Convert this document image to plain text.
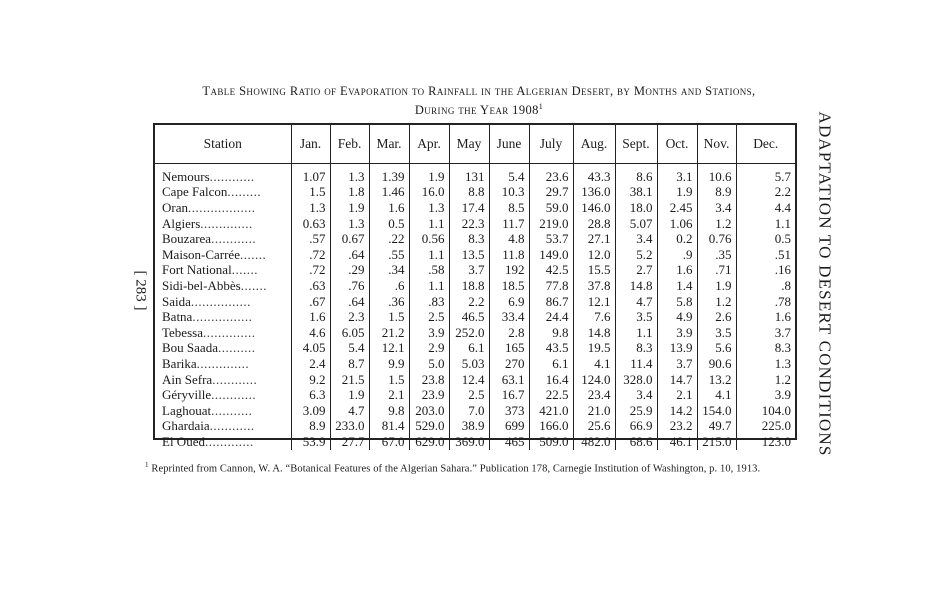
Table Showing Ratio of Evaporation to Rainfall in the Algerian Desert, by Months and Stations,
During the Year 1908$^1$
Station	Jan.	Feb.	Mar.	Apr.	May	June	July	Aug.	Sept.	Oct.	Nov.	Dec.
Nemours............	1.07	1.3	1.39	1.9	131	5.4	23.6	43.3	8.6	3.1	10.6	5.7
Cape Falcon.........	1.5	1.8	1.46	16.0	8.8	10.3	29.7	136.0	38.1	1.9	8.9	2.2
Oran..................	1.3	1.9	1.6	1.3	17.4	8.5	59.0	146.0	18.0	2.45	3.4	4.4
Algiers..............	0.63	1.3	0.5	1.1	22.3	11.7	219.0	28.8	5.07	1.06	1.2	1.1
Bouzarea............	.57	0.67	.22	0.56	8.3	4.8	53.7	27.1	3.4	0.2	0.76	0.5
Maison-Carrée.......	.72	.64	.55	1.1	13.5	11.8	149.0	12.0	5.2	.9	.35	.51
Fort National.......	.72	.29	.34	.58	3.7	192	42.5	15.5	2.7	1.6	.71	.16
Sidi-bel-Abbès.......	.63	.76	.6	1.1	18.8	18.5	77.8	37.8	14.8	1.4	1.9	.8
Saida................	.67	.64	.36	.83	2.2	6.9	86.7	12.1	4.7	5.8	1.2	.78
Batna................	1.6	2.3	1.5	2.5	46.5	33.4	24.4	7.6	3.5	4.9	2.6	1.6
Tebessa..............	4.6	6.05	21.2	3.9	252.0	2.8	9.8	14.8	1.1	3.9	3.5	3.7
Bou Saada..........	4.05	5.4	12.1	2.9	6.1	165	43.5	19.5	8.3	13.9	5.6	8.3
Barika..............	2.4	8.7	9.9	5.0	5.03	270	6.1	4.1	11.4	3.7	90.6	1.3
Ain Sefra............	9.2	21.5	1.5	23.8	12.4	63.1	16.4	124.0	328.0	14.7	13.2	1.2
Géryville............	6.3	1.9	2.1	23.9	2.5	16.7	22.5	23.4	3.4	2.1	4.1	3.9
Laghouat...........	3.09	4.7	9.8	203.0	7.0	373	421.0	21.0	25.9	14.2	154.0	104.0
Ghardaia............	8.9	233.0	81.4	529.0	38.9	699	166.0	25.6	66.9	23.2	49.7	225.0
El Oued.............	53.9	27.7	67.0	629.0	369.0	465	509.0	482.0	68.6	46.1	215.0	123.0
$^1$ Reprinted from Cannon, W. A. “Botanical Features of the Algerian Sahara.” Publication 178, Carnegie Institution of Washington, p. 10, 1913.
[ 283 ]	ADAPTATION TO DESERT CONDITIONS
